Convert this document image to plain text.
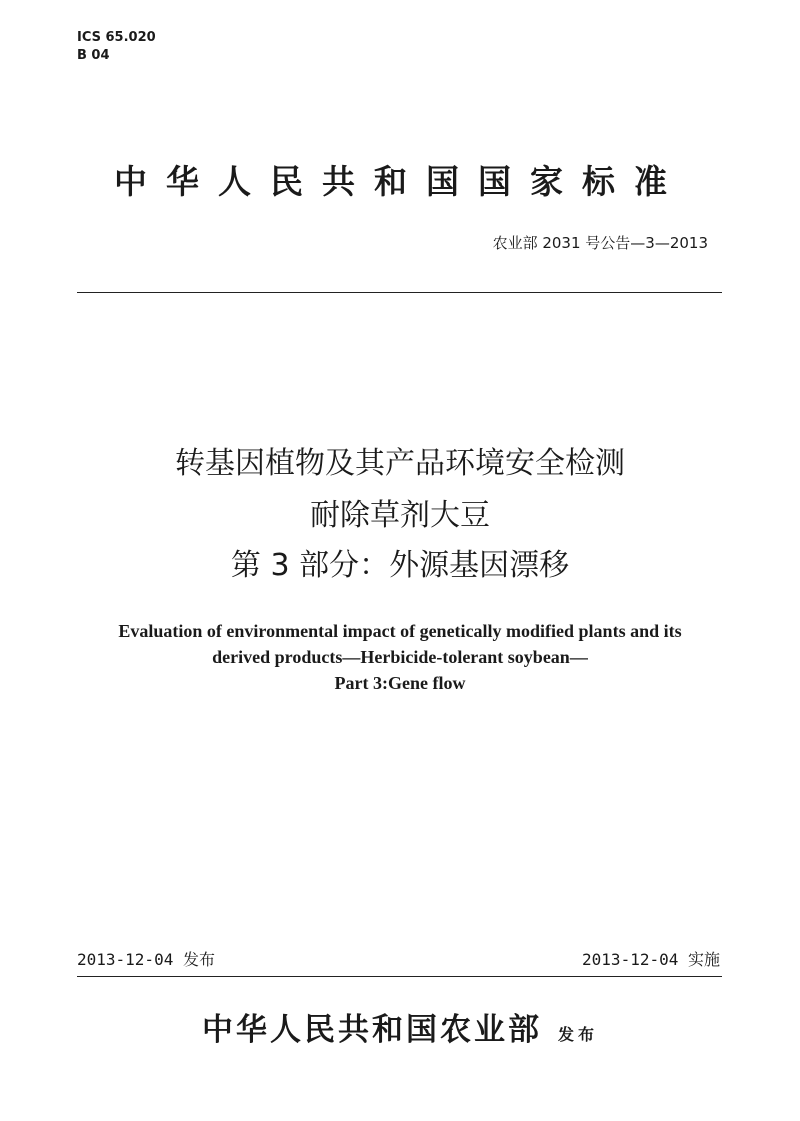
ICS 65.020
B 04
中华人民共和国国家标准
农业部 2031 号公告—3—2013
转基因植物及其产品环境安全检测
耐除草剂大豆
第 3 部分：外源基因漂移
Evaluation of environmental impact of genetically modified plants and its
derived products—Herbicide-tolerant soybean—
Part 3:Gene flow
2013-12-04 发布	2013-12-04 实施
中华人民共和国农业部 发布
